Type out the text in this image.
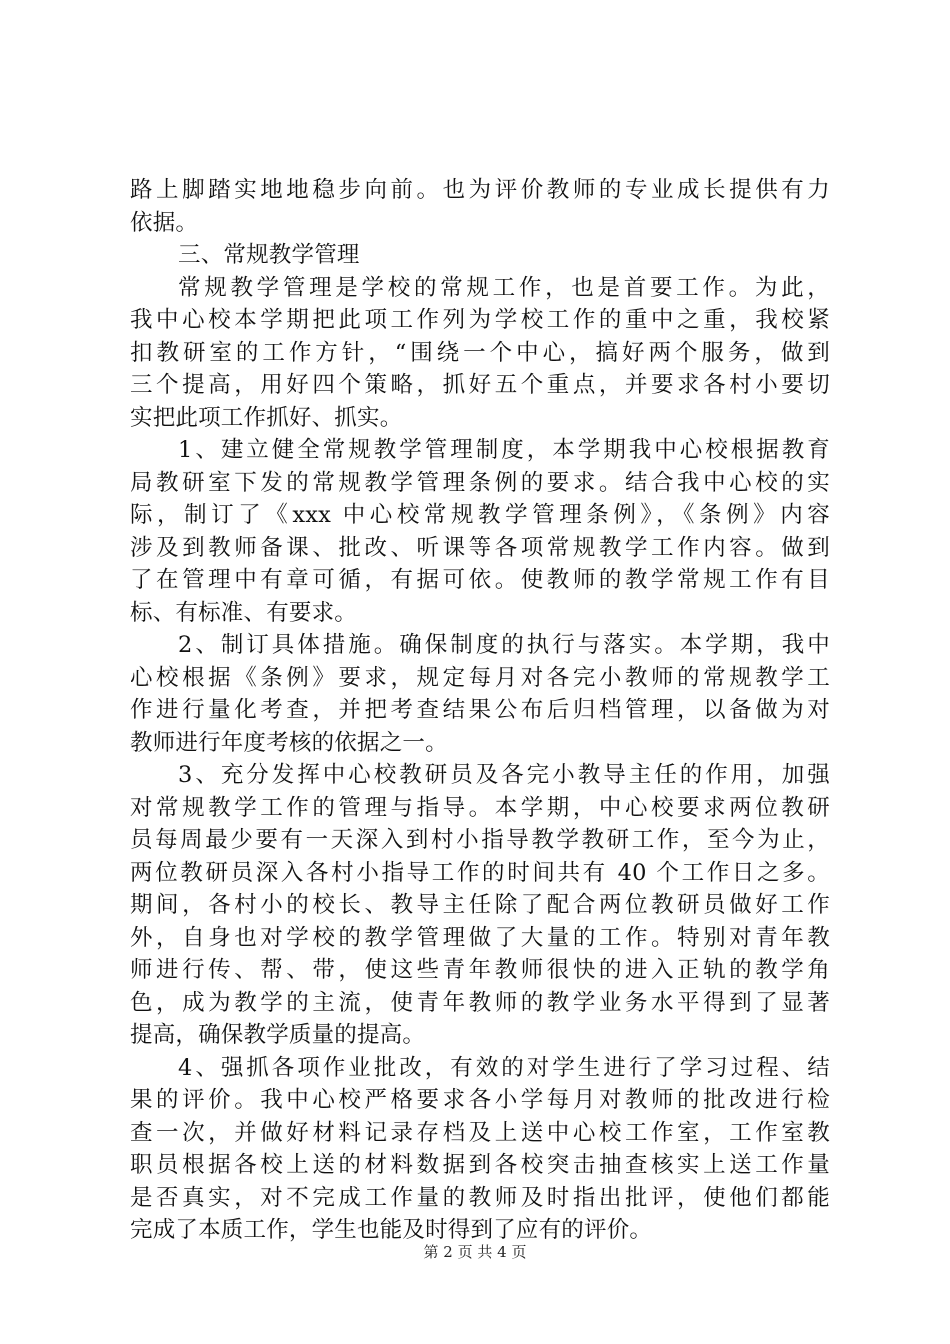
路上脚踏实地地稳步向前。也为评价教师的专业成长提供有力
依据。
三、常规教学管理
常规教学管理是学校的常规工作，也是首要工作。为此，
我中心校本学期把此项工作列为学校工作的重中之重，我校紧
扣教研室的工作方针，“围绕一个中心，搞好两个服务，做到
三个提高，用好四个策略，抓好五个重点，并要求各村小要切
实把此项工作抓好、抓实。
1、建立健全常规教学管理制度，本学期我中心校根据教育
局教研室下发的常规教学管理条例的要求。结合我中心校的实
际，制订了《xxx 中心校常规教学管理条例》，《条例》内容
涉及到教师备课、批改、听课等各项常规教学工作内容。做到
了在管理中有章可循，有据可依。使教师的教学常规工作有目
标、有标准、有要求。
2、制订具体措施。确保制度的执行与落实。本学期，我中
心校根据《条例》要求，规定每月对各完小教师的常规教学工
作进行量化考查，并把考查结果公布后归档管理，以备做为对
教师进行年度考核的依据之一。
3、充分发挥中心校教研员及各完小教导主任的作用，加强
对常规教学工作的管理与指导。本学期，中心校要求两位教研
员每周最少要有一天深入到村小指导教学教研工作，至今为止，
两位教研员深入各村小指导工作的时间共有 40 个工作日之多。
期间，各村小的校长、教导主任除了配合两位教研员做好工作
外，自身也对学校的教学管理做了大量的工作。特别对青年教
师进行传、帮、带，使这些青年教师很快的进入正轨的教学角
色，成为教学的主流，使青年教师的教学业务水平得到了显著
提高，确保教学质量的提高。
4、强抓各项作业批改，有效的对学生进行了学习过程、结
果的评价。我中心校严格要求各小学每月对教师的批改进行检
查一次，并做好材料记录存档及上送中心校工作室，工作室教
职员根据各校上送的材料数据到各校突击抽查核实上送工作量
是否真实，对不完成工作量的教师及时指出批评，使他们都能
完成了本质工作，学生也能及时得到了应有的评价。
第 2 页 共 4 页
